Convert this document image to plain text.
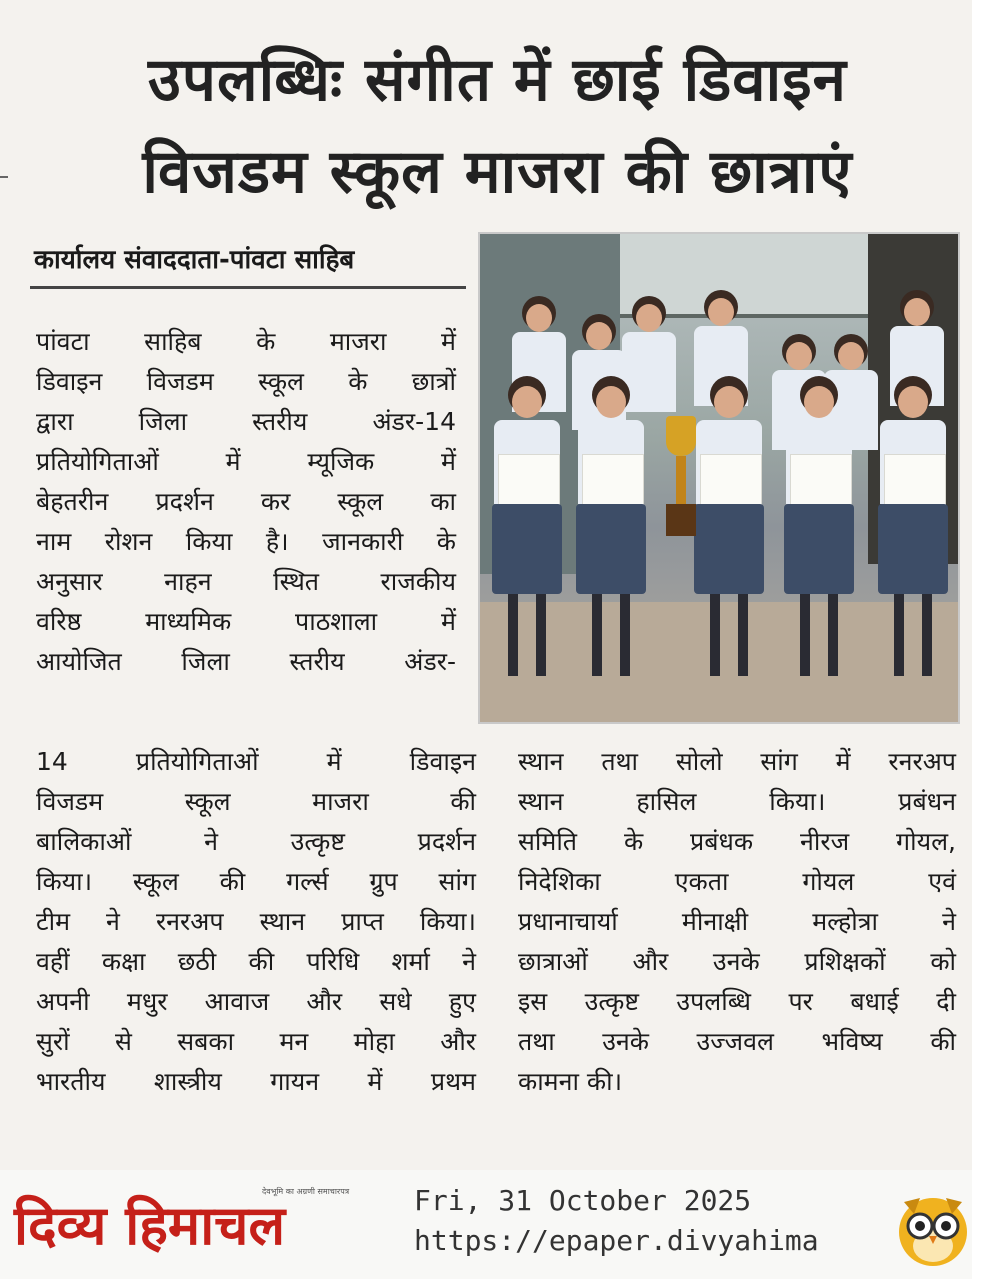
उपलब्धिः संगीत में छाई डिवाइन
विजडम स्कूल माजरा की छात्राएं
कार्यालय संवाददाता-पांवटा साहिब
पांवटा साहिब के माजरा में
डिवाइन विजडम स्कूल के छात्रों
द्वारा जिला स्तरीय अंडर-14
प्रतियोगिताओं में म्यूजिक में
बेहतरीन प्रदर्शन कर स्कूल का
नाम रोशन किया है। जानकारी के
अनुसार नाहन स्थित राजकीय
वरिष्ठ माध्यमिक पाठशाला में
आयोजित जिला स्तरीय अंडर-
14 प्रतियोगिताओं में डिवाइन
विजडम स्कूल माजरा की
बालिकाओं ने उत्कृष्ट प्रदर्शन
किया। स्कूल की गर्ल्स ग्रुप सांग
टीम ने रनरअप स्थान प्राप्त किया।
वहीं कक्षा छठी की परिधि शर्मा ने
अपनी मधुर आवाज और सधे हुए
सुरों से सबका मन मोहा और
भारतीय शास्त्रीय गायन में प्रथम
स्थान तथा सोलो सांग में रनरअप
स्थान हासिल किया। प्रबंधन
समिति के प्रबंधक नीरज गोयल,
निदेशिका एकता गोयल एवं
प्रधानाचार्या मीनाक्षी मल्होत्रा ने
छात्राओं और उनके प्रशिक्षकों को
इस उत्कृष्ट उपलब्धि पर बधाई दी
तथा उनके उज्जवल भविष्य की
कामना की।
दिव्य हिमाचल
देवभूमि का अग्रणी समाचारपत्र Fri, 31 October 2025
https://epaper.divyahima
